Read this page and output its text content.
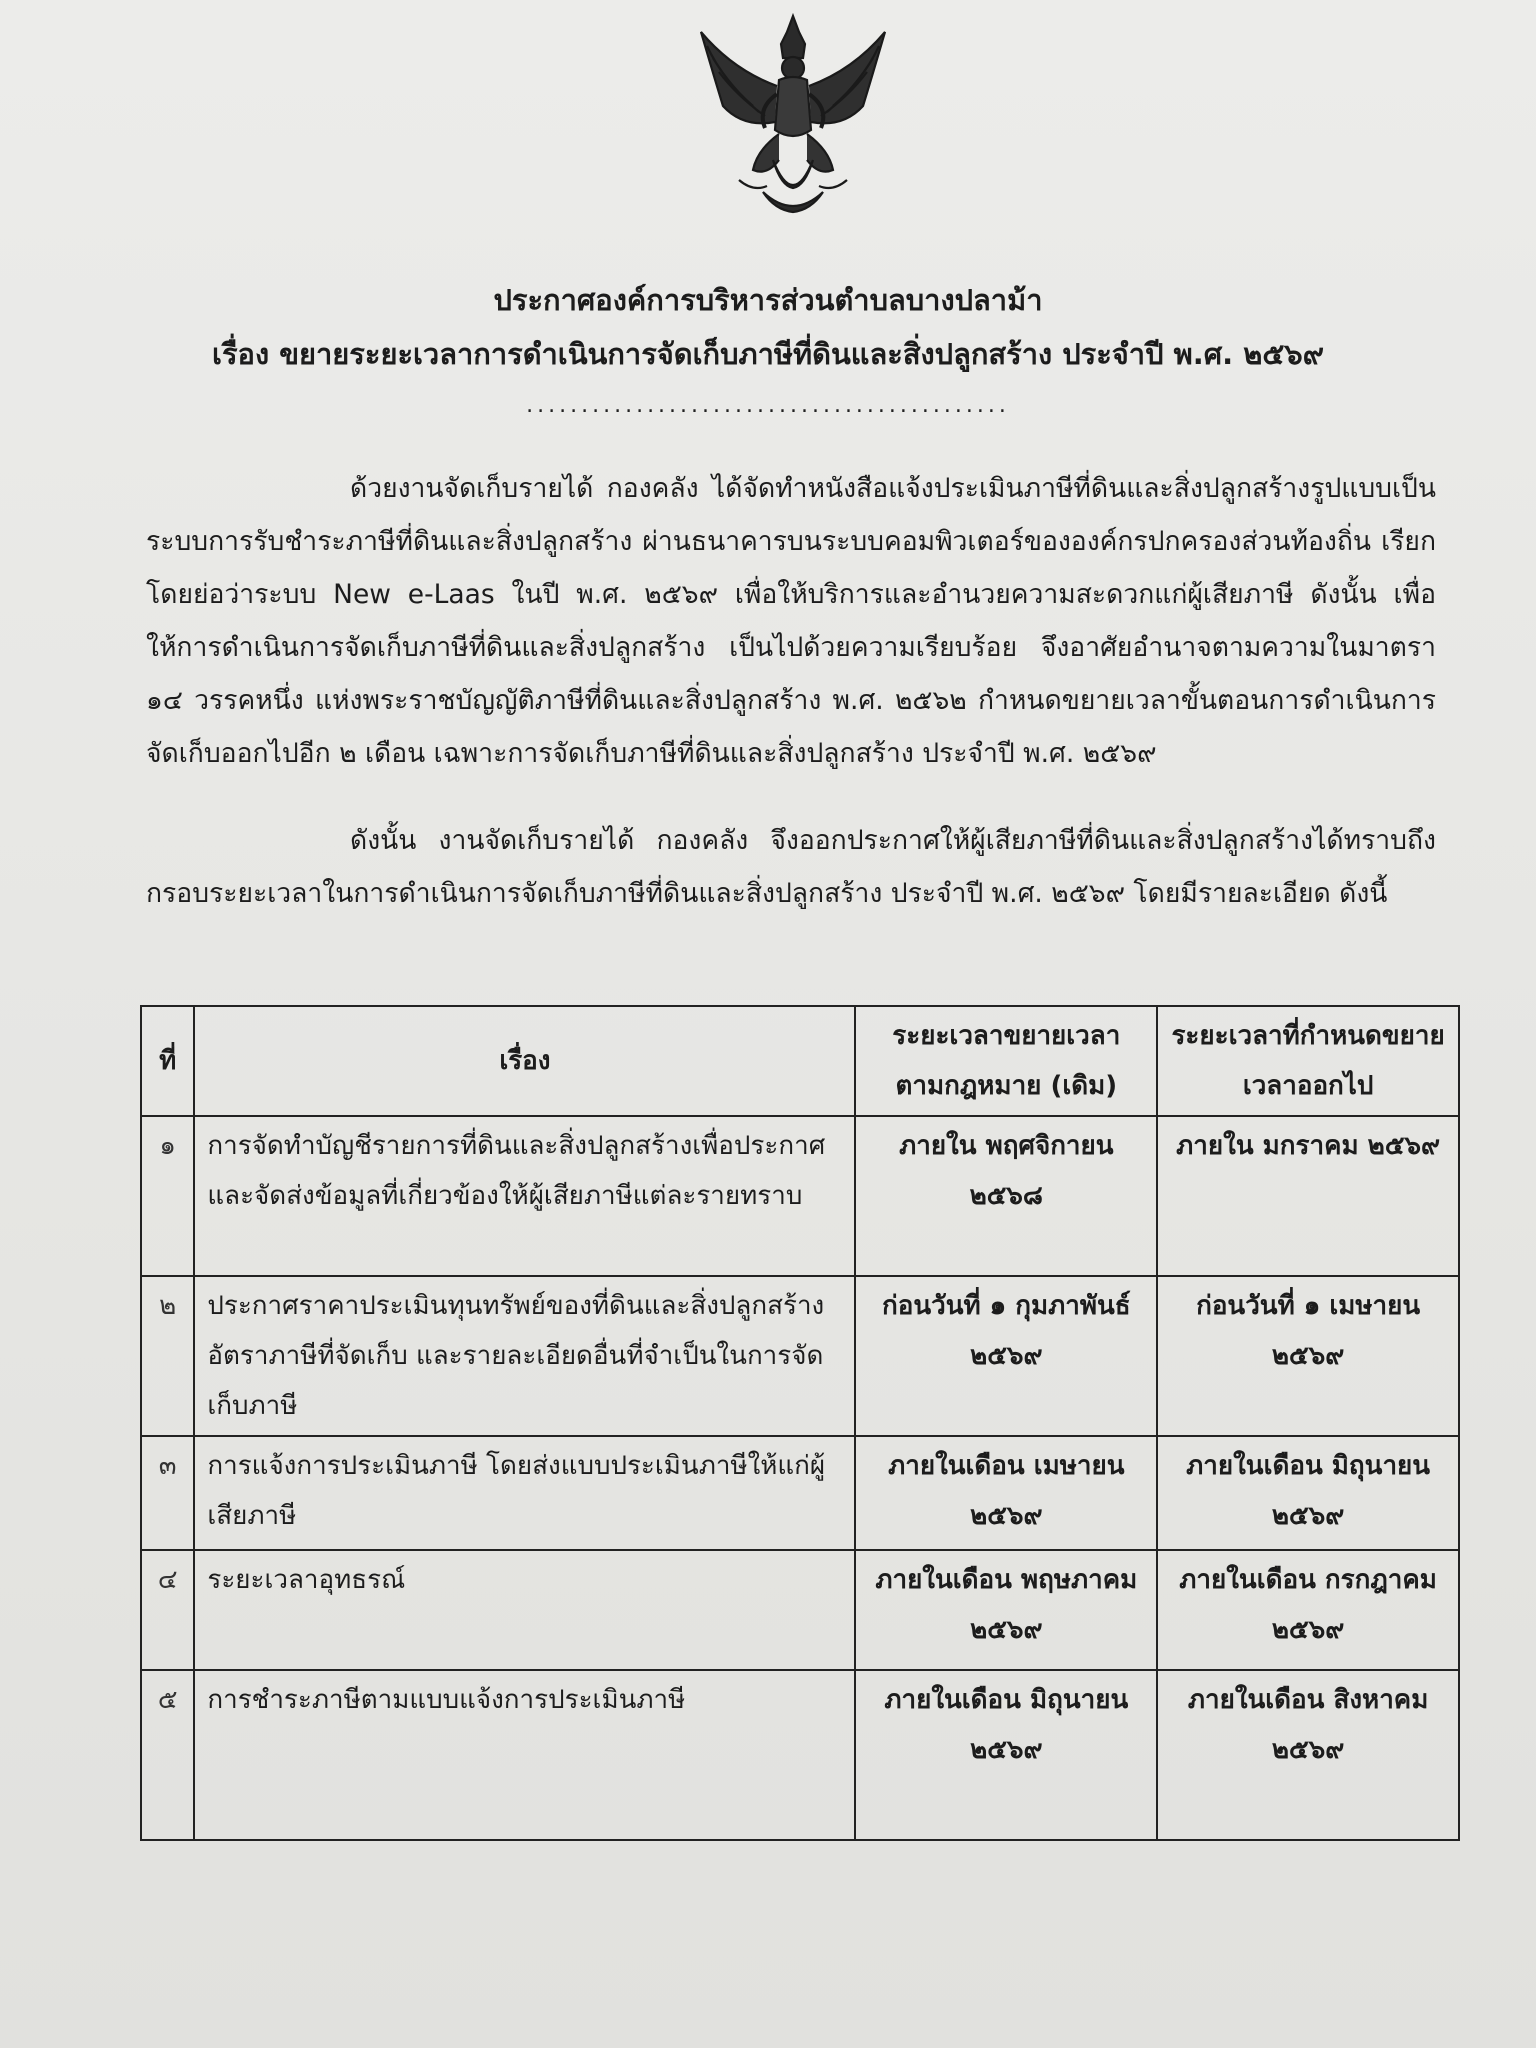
ประกาศองค์การบริหารส่วนตำบลบางปลาม้า
เรื่อง ขยายระยะเวลาการดำเนินการจัดเก็บภาษีที่ดินและสิ่งปลูกสร้าง ประจำปี พ.ศ. ๒๕๖๙
............................................
ด้วยงานจัดเก็บรายได้ กองคลัง ได้จัดทำหนังสือแจ้งประเมินภาษีที่ดินและสิ่งปลูกสร้างรูปแบบเป็นระบบการรับชำระภาษีที่ดินและสิ่งปลูกสร้าง ผ่านธนาคารบนระบบคอมพิวเตอร์ขององค์กรปกครองส่วนท้องถิ่น เรียกโดยย่อว่าระบบ New e-Laas ในปี พ.ศ. ๒๕๖๙ เพื่อให้บริการและอำนวยความสะดวกแก่ผู้เสียภาษี ดังนั้น เพื่อให้การดำเนินการจัดเก็บภาษีที่ดินและสิ่งปลูกสร้าง เป็นไปด้วยความเรียบร้อย จึงอาศัยอำนาจตามความในมาตรา ๑๔ วรรคหนึ่ง แห่งพระราชบัญญัติภาษีที่ดินและสิ่งปลูกสร้าง พ.ศ. ๒๕๖๒ กำหนดขยายเวลาขั้นตอนการดำเนินการจัดเก็บออกไปอีก ๒ เดือน เฉพาะการจัดเก็บภาษีที่ดินและสิ่งปลูกสร้าง ประจำปี พ.ศ. ๒๕๖๙
ดังนั้น งานจัดเก็บรายได้ กองคลัง จึงออกประกาศให้ผู้เสียภาษีที่ดินและสิ่งปลูกสร้างได้ทราบถึงกรอบระยะเวลาในการดำเนินการจัดเก็บภาษีที่ดินและสิ่งปลูกสร้าง ประจำปี พ.ศ. ๒๕๖๙ โดยมีรายละเอียด ดังนี้
ที่	เรื่อง	ระยะเวลาขยายเวลาตามกฎหมาย (เดิม)	ระยะเวลาที่กำหนดขยายเวลาออกไป
๑	การจัดทำบัญชีรายการที่ดินและสิ่งปลูกสร้างเพื่อประกาศ และจัดส่งข้อมูลที่เกี่ยวข้องให้ผู้เสียภาษีแต่ละรายทราบ	ภายใน พฤศจิกายน ๒๕๖๘	ภายใน มกราคม ๒๕๖๙
๒	ประกาศราคาประเมินทุนทรัพย์ของที่ดินและสิ่งปลูกสร้าง อัตราภาษีที่จัดเก็บ และรายละเอียดอื่นที่จำเป็นในการจัดเก็บภาษี	ก่อนวันที่ ๑ กุมภาพันธ์ ๒๕๖๙	ก่อนวันที่ ๑ เมษายน ๒๕๖๙
๓	การแจ้งการประเมินภาษี โดยส่งแบบประเมินภาษีให้แก่ผู้เสียภาษี	ภายในเดือน เมษายน ๒๕๖๙	ภายในเดือน มิถุนายน ๒๕๖๙
๔	ระยะเวลาอุทธรณ์	ภายในเดือน พฤษภาคม ๒๕๖๙	ภายในเดือน กรกฎาคม ๒๕๖๙
๕	การชำระภาษีตามแบบแจ้งการประเมินภาษี	ภายในเดือน มิถุนายน ๒๕๖๙	ภายในเดือน สิงหาคม ๒๕๖๙
